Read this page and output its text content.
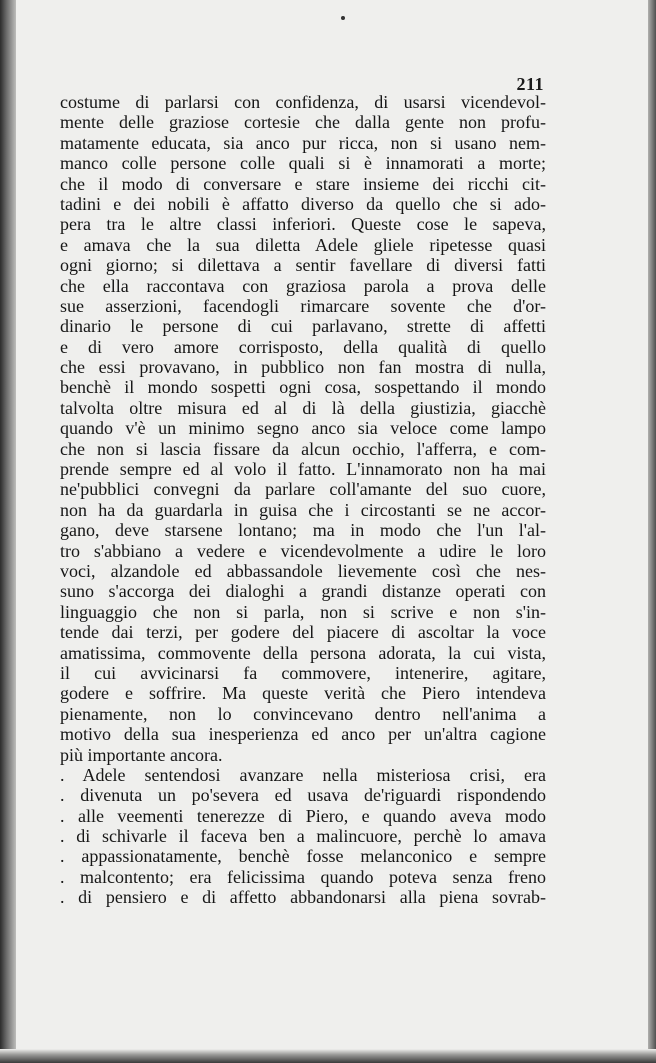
211
costume di parlarsi con confidenza, di usarsi vicendevol-
mente delle graziose cortesie che dalla gente non profu-
matamente educata, sia anco pur ricca, non si usano nem-
manco colle persone colle quali si è innamorati a morte;
che il modo di conversare e stare insieme dei ricchi cit-
tadini e dei nobili è affatto diverso da quello che si ado-
pera tra le altre classi inferiori. Queste cose le sapeva,
e amava che la sua diletta Adele gliele ripetesse quasi
ogni giorno; si dilettava a sentir favellare di diversi fatti
che ella raccontava con graziosa parola a prova delle
sue asserzioni, facendogli rimarcare sovente che d'or-
dinario le persone di cui parlavano, strette di affetti
e di vero amore corrisposto, della qualità di quello
che essi provavano, in pubblico non fan mostra di nulla,
benchè il mondo sospetti ogni cosa, sospettando il mondo
talvolta oltre misura ed al di là della giustizia, giacchè
quando v'è un minimo segno anco sia veloce come lampo
che non si lascia fissare da alcun occhio, l'afferra, e com-
prende sempre ed al volo il fatto. L'innamorato non ha mai
ne'pubblici convegni da parlare coll'amante del suo cuore,
non ha da guardarla in guisa che i circostanti se ne accor-
gano, deve starsene lontano; ma in modo che l'un l'al-
tro s'abbiano a vedere e vicendevolmente a udire le loro
voci, alzandole ed abbassandole lievemente così che nes-
suno s'accorga dei dialoghi a grandi distanze operati con
linguaggio che non si parla, non si scrive e non s'in-
tende dai terzi, per godere del piacere di ascoltar la voce
amatissima, commovente della persona adorata, la cui vista,
il cui avvicinarsi fa commovere, intenerire, agitare,
godere e soffrire. Ma queste verità che Piero intendeva
pienamente, non lo convincevano dentro nell'anima a
motivo della sua inesperienza ed anco per un'altra cagione
più importante ancora.
. Adele sentendosi avanzare nella misteriosa crisi, era
. divenuta un po'severa ed usava de'riguardi rispondendo
. alle veementi tenerezze di Piero, e quando aveva modo
. di schivarle il faceva ben a malincuore, perchè lo amava
. appassionatamente, benchè fosse melanconico e sempre
. malcontento; era felicissima quando poteva senza freno
. di pensiero e di affetto abbandonarsi alla piena sovrab-
